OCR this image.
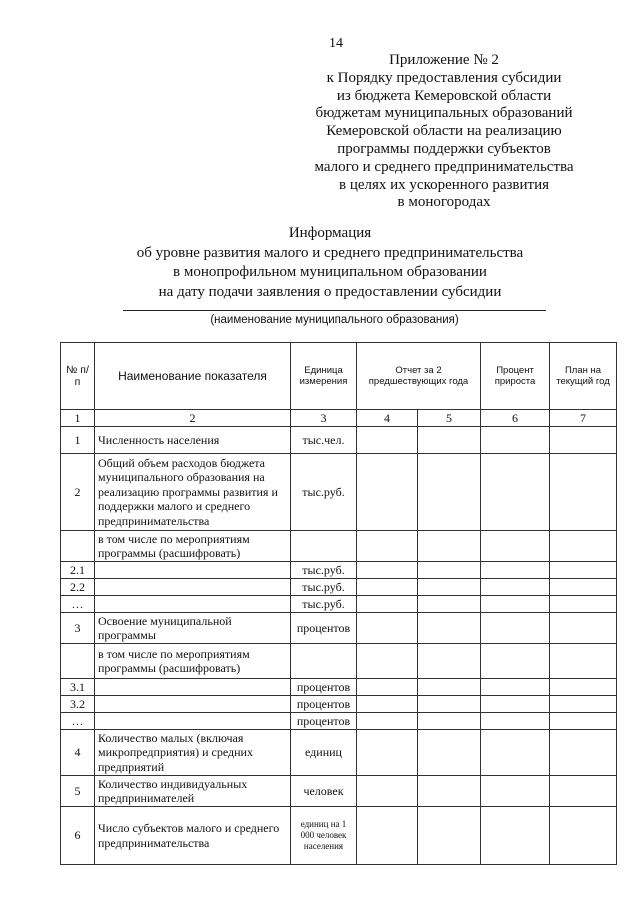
14
Приложение № 2
к Порядку предоставления субсидии
из бюджета Кемеровской области
бюджетам муниципальных образований
Кемеровской области на реализацию
программы поддержки субъектов
малого и среднего предпринимательства
в целях их ускоренного развития
в моногородах
Информация
об уровне развития малого и среднего предпринимательства
в монопрофильном муниципальном образовании
на дату подачи заявления о предоставлении субсидии
(наименование муниципального образования)
№ п/п	Наименование показателя	Единица измерения	Отчет за 2 предшествующих года		Процент прироста	План на текущий год
1	2	3	4	5	6	7
1	Численность населения	тыс.чел.				
2	Общий объем расходов бюджета муниципального образования на реализацию программы развития и поддержки малого и среднего предпринимательства	тыс.руб.				
	в том числе по мероприятиям программы (расшифровать)					
2.1		тыс.руб.				
2.2		тыс.руб.				
…		тыс.руб.				
3	Освоение муниципальной программы	процентов				
	в том числе по мероприятиям программы (расшифровать)					
3.1		процентов				
3.2		процентов				
…		процентов				
4	Количество малых (включая микропредприятия) и средних предприятий	единиц				
5	Количество индивидуальных предпринимателей	человек				
6	Число субъектов малого и среднего предпринимательства	единиц на 1 000 человек населения				
